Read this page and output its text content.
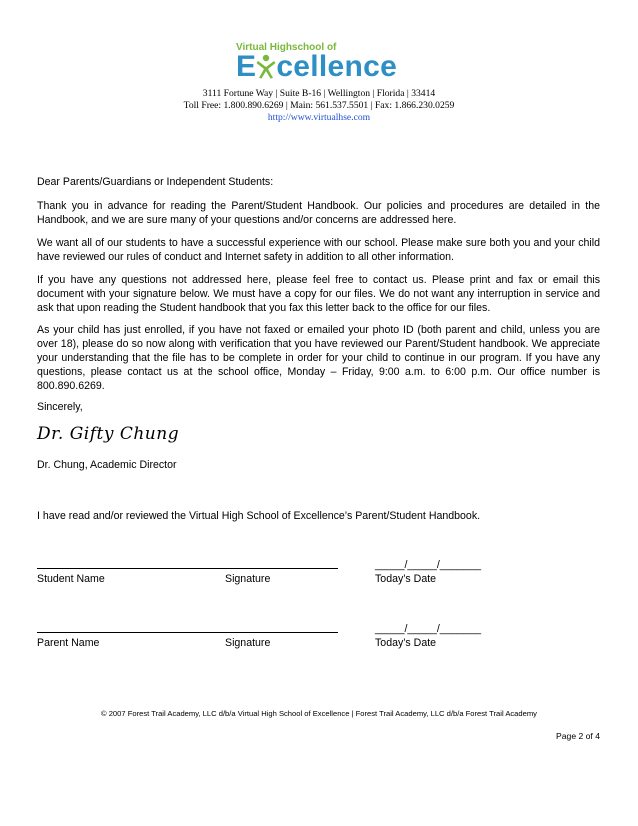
Virtual Highschool of
E cellence
3111 Fortune Way | Suite B-16 | Wellington | Florida | 33414
Toll Free: 1.800.890.6269 | Main: 561.537.5501 | Fax: 1.866.230.0259
http://www.virtualhse.com
Dear Parents/Guardians or Independent Students:
Thank you in advance for reading the Parent/Student Handbook. Our policies and procedures are detailed in the Handbook, and we are sure many of your questions and/or concerns are addressed here.
We want all of our students to have a successful experience with our school. Please make sure both you and your child have reviewed our rules of conduct and Internet safety in addition to all other information.
If you have any questions not addressed here, please feel free to contact us. Please print and fax or email this document with your signature below. We must have a copy for our files. We do not want any interruption in service and ask that upon reading the Student handbook that you fax this letter back to the office for our files.
As your child has just enrolled, if you have not faxed or emailed your photo ID (both parent and child, unless you are over 18), please do so now along with verification that you have reviewed our Parent/Student handbook. We appreciate your understanding that the file has to be complete in order for your child to continue in our program. If you have any questions, please contact us at the school office, Monday – Friday, 9:00 a.m. to 6:00 p.m. Our office number is 800.890.6269.
Sincerely,
Dr. Gifty Chung
Dr. Chung, Academic Director
I have read and/or reviewed the Virtual High School of Excellence’s Parent/Student Handbook.
_____/_____/_______
Student Name	Signature	Today’s Date
_____/_____/_______
Parent Name	Signature	Today’s Date
© 2007 Forest Trail Academy, LLC d/b/a Virtual High School of Excellence | Forest Trail Academy, LLC d/b/a Forest Trail Academy
Page 2 of 4
